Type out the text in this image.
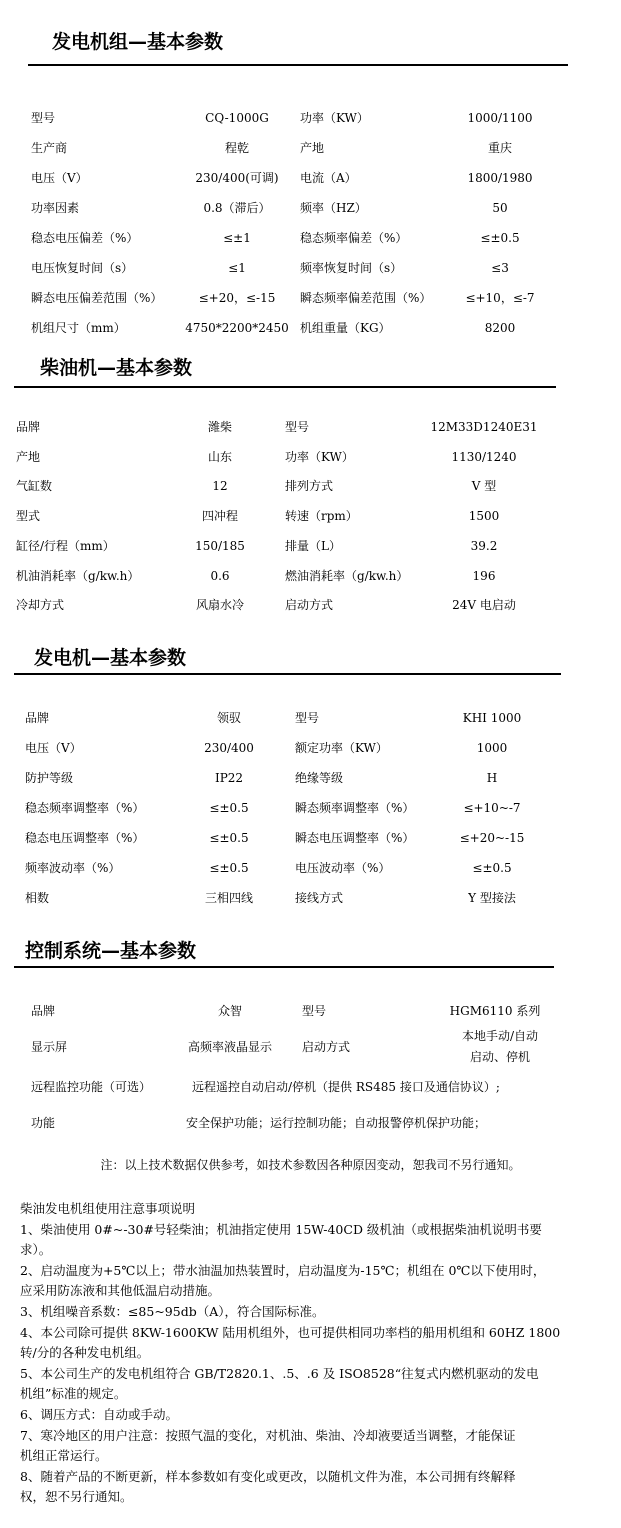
发电机组—基本参数
型号	CQ-1000G	功率（KW）	1000/1100
生产商	程乾	产地	重庆
电压（V）	230/400(可调)	电流（A）	1800/1980
功率因素	0.8（滞后）	频率（HZ）	50
稳态电压偏差（%）	≤±1	稳态频率偏差（%）	≤±0.5
电压恢复时间（s）	≤1	频率恢复时间（s）	≤3
瞬态电压偏差范围（%）	≤+20，≤-15	瞬态频率偏差范围（%）	≤+10，≤-7
机组尺寸（mm）	4750*2200*2450 机组重量（KG）	8200
柴油机—基本参数
品牌	潍柴	型号	12M33D1240E31
产地	山东	功率（KW）	1130/1240
气缸数	12	排列方式	V 型
型式	四冲程	转速（rpm）	1500
缸径/行程（mm）	150/185	排量（L）	39.2
机油消耗率（g/kw.h）	0.6	燃油消耗率（g/kw.h）	196
冷却方式	风扇水冷	启动方式	24V 电启动
发电机—基本参数
品牌	领驭	型号	KHI 1000
电压（V）	230/400	额定功率（KW）	1000
防护等级	IP22	绝缘等级	H
稳态频率调整率（%）	≤±0.5	瞬态频率调整率（%）	≤+10~-7
稳态电压调整率（%）	≤±0.5	瞬态电压调整率（%）	≤+20~-15
频率波动率（%）	≤±0.5	电压波动率（%）	≤±0.5
相数	三相四线	接线方式	Y 型接法
控制系统—基本参数
品牌	众智	型号	HGM6110 系列
显示屏	高频率液晶显示	启动方式
本地手动/自动
启动、停机
远程监控功能（可选）	远程遥控自动启动/停机（提供 RS485 接口及通信协议）;
功能	安全保护功能；运行控制功能；自动报警停机保护功能；
注：以上技术数据仅供参考，如技术参数因各种原因变动，恕我司不另行通知。
柴油发电机组使用注意事项说明
1、柴油使用 0#~-30#号轻柴油；机油指定使用 15W-40CD 级机油（或根据柴油机说明书要
求）。
2、启动温度为+5℃以上；带水油温加热装置时，启动温度为-15℃；机组在 0℃以下使用时，
应采用防冻液和其他低温启动措施。
3、机组噪音系数：≤85~95db（A），符合国际标准。
4、本公司除可提供 8KW-1600KW 陆用机组外，也可提供相同功率档的船用机组和 60HZ 1800
转/分的各种发电机组。
5、本公司生产的发电机组符合 GB/T2820.1、.5、.6 及 ISO8528“往复式内燃机驱动的发电
机组”标准的规定。
6、调压方式：自动或手动。
7、寒冷地区的用户注意：按照气温的变化，对机油、柴油、冷却液要适当调整，才能保证
机组正常运行。
8、随着产品的不断更新，样本参数如有变化或更改，以随机文件为准，本公司拥有终解释
权，恕不另行通知。
